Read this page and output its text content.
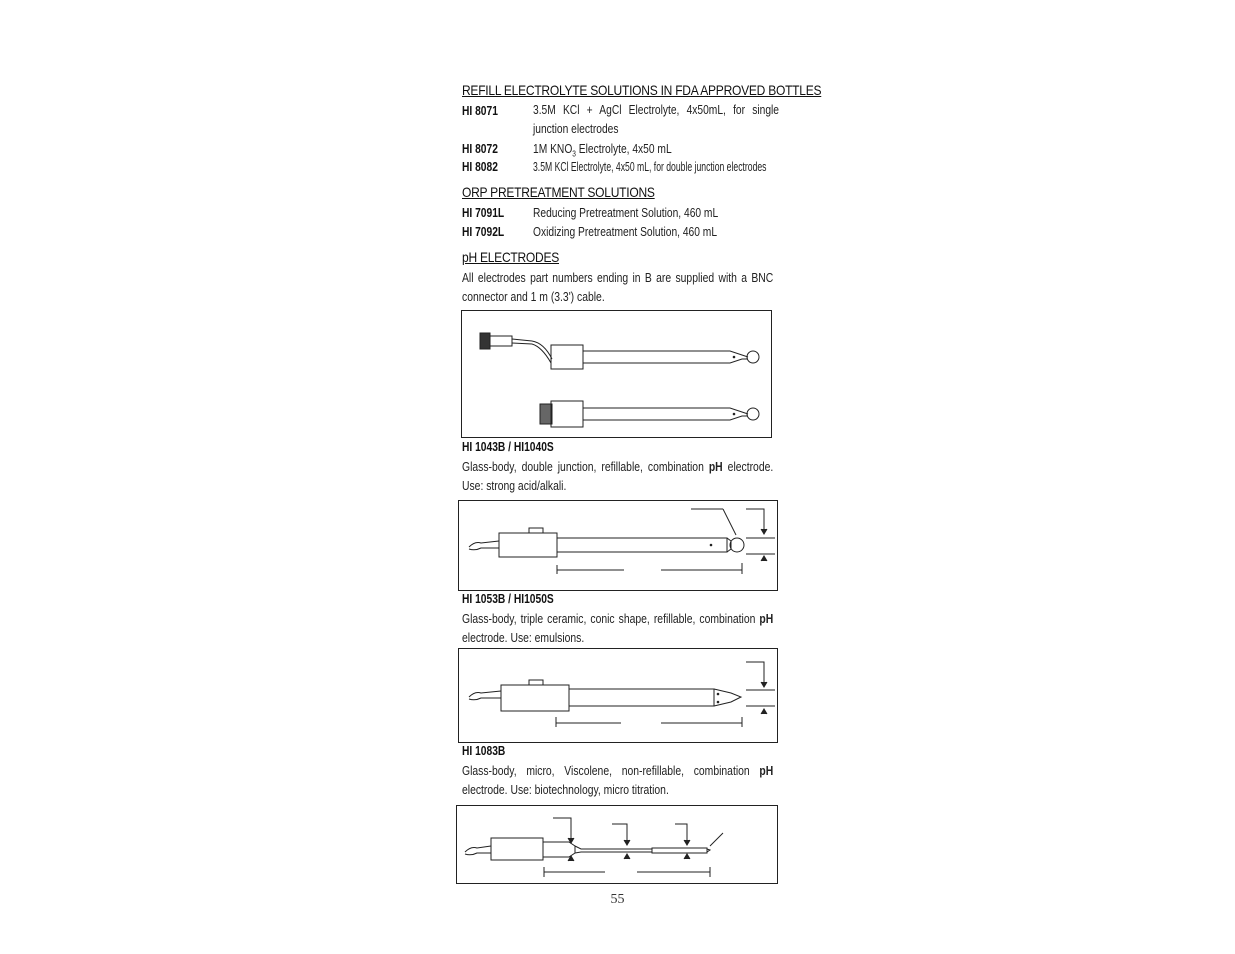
REFILL ELECTROLYTE SOLUTIONS IN FDA APPROVED BOTTLES
HI 8071	3.5M KCl + AgCl Electrolyte, 4x50mL, for single junction electrodes
HI 8072	1M $KNO_3$ Electrolyte, 4x50 mL
HI 8082	3.5M KCl Electrolyte, 4x50 mL, for double junction electrodes
ORP PRETREATMENT SOLUTIONS
HI 7091L Reducing Pretreatment Solution, 460 mL
HI 7092L Oxidizing Pretreatment Solution, 460 mL
pH ELECTRODES
All electrodes part numbers ending in B are supplied with a BNC connector and 1 m (3.3') cable.
HI 1043B / HI1040S
Glass-body, double junction, refillable, combination pH electrode. Use: strong acid/alkali.
HI 1053B / HI1050S
Glass-body, triple ceramic, conic shape, refillable, combination pH electrode. Use: emulsions.
HI 1083B
Glass-body, micro, Viscolene, non-refillable, combination pH electrode. Use: biotechnology, micro titration.
55
